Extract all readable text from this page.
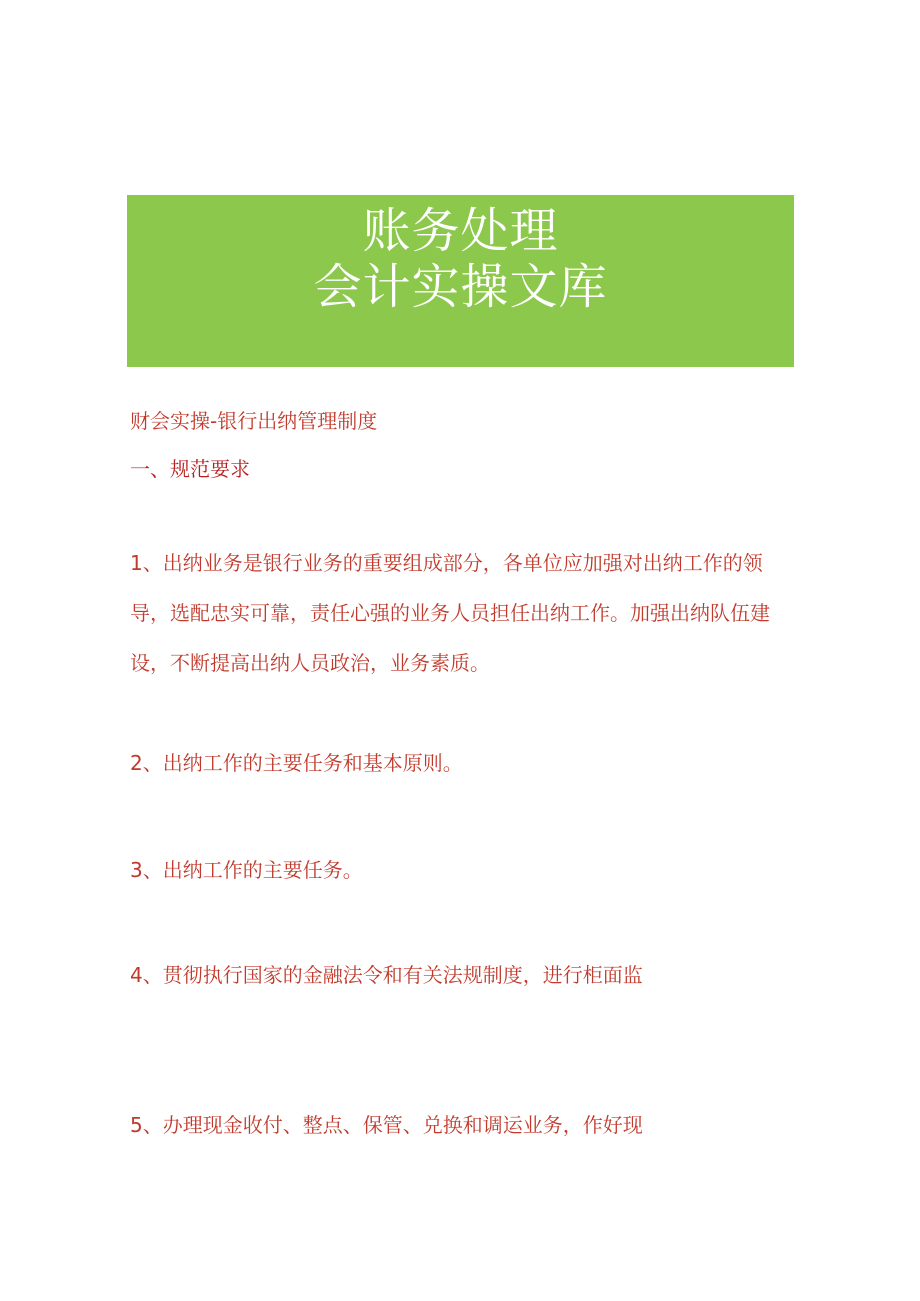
账务处理
会计实操文库

财会实操-银行出纳管理制度

一、规范要求

1、出纳业务是银行业务的重要组成部分，各单位应加强对出纳工作的领导，选配忠实可靠，责任心强的业务人员担任出纳工作。加强出纳队伍建设，不断提高出纳人员政治，业务素质。

2、出纳工作的主要任务和基本原则。

3、出纳工作的主要任务。

4、贯彻执行国家的金融法令和有关法规制度，进行柜面监

5、办理现金收付、整点、保管、兑换和调运业务，作好现
